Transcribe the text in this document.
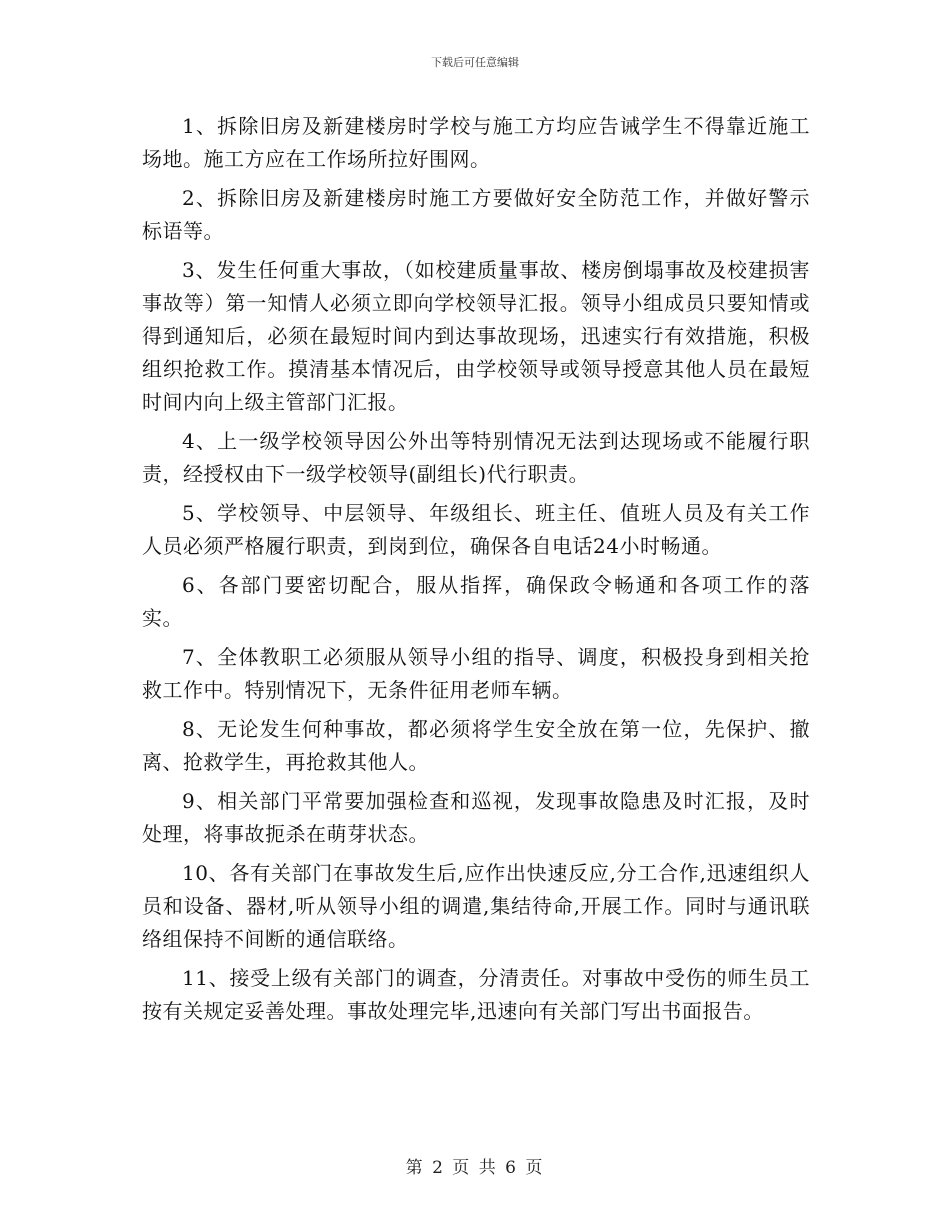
下载后可任意编辑

1、拆除旧房及新建楼房时学校与施工方均应告诫学生不得靠近施工场地。施工方应在工作场所拉好围网。

2、拆除旧房及新建楼房时施工方要做好安全防范工作，并做好警示标语等。

3、发生任何重大事故，（如校建质量事故、楼房倒塌事故及校建损害事故等）第一知情人必须立即向学校领导汇报。领导小组成员只要知情或得到通知后，必须在最短时间内到达事故现场，迅速实行有效措施，积极组织抢救工作。摸清基本情况后，由学校领导或领导授意其他人员在最短时间内向上级主管部门汇报。

4、上一级学校领导因公外出等特别情况无法到达现场或不能履行职责，经授权由下一级学校领导(副组长)代行职责。

5、学校领导、中层领导、年级组长、班主任、值班人员及有关工作人员必须严格履行职责，到岗到位，确保各自电话24小时畅通。

6、各部门要密切配合，服从指挥，确保政令畅通和各项工作的落实。

7、全体教职工必须服从领导小组的指导、调度，积极投身到相关抢救工作中。特别情况下，无条件征用老师车辆。

8、无论发生何种事故，都必须将学生安全放在第一位，先保护、撤离、抢救学生，再抢救其他人。

9、相关部门平常要加强检查和巡视，发现事故隐患及时汇报，及时处理，将事故扼杀在萌芽状态。

10、各有关部门在事故发生后,应作出快速反应,分工合作,迅速组织人员和设备、器材,听从领导小组的调遣,集结待命,开展工作。同时与通讯联络组保持不间断的通信联络。

11、接受上级有关部门的调查，分清责任。对事故中受伤的师生员工按有关规定妥善处理。事故处理完毕,迅速向有关部门写出书面报告。

第 2 页 共 6 页
